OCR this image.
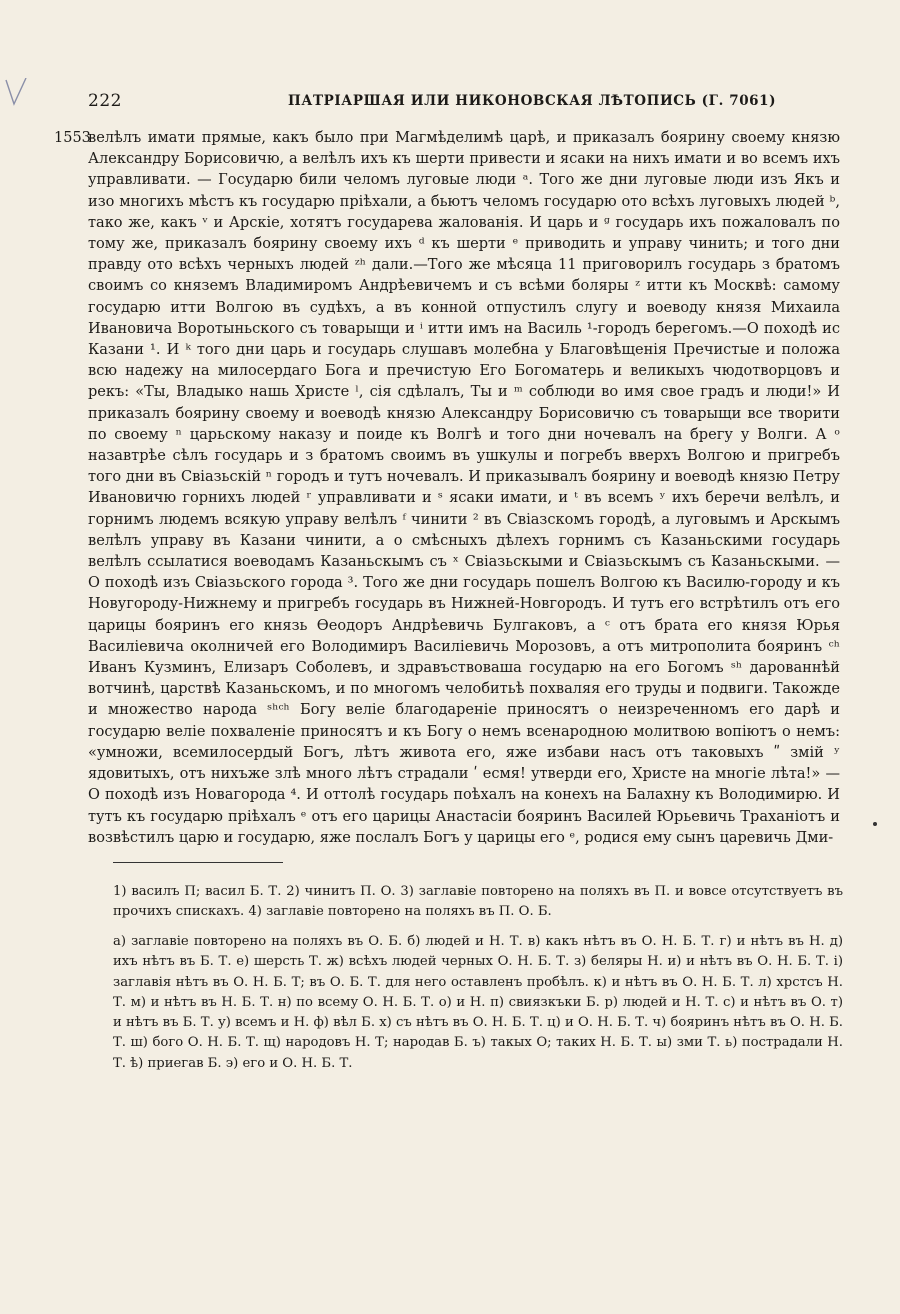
222	ПАТРІАРШАЯ ИЛИ НИКОНОВСКАЯ ЛѢТОПИСЬ (Г. 7061)
1553
велѣлъ имати прямые, какъ было при Магмѣделимѣ царѣ, и приказалъ боярину своему князю Александру Борисовичю, а велѣлъ ихъ къ шерти привести и ясаки на нихъ имати и во всемъ ихъ управливати. — Государю били челомъ луговые люди ᵃ. Того же дни луговые люди изъ Якъ и изо многихъ мѣстъ къ государю пріѣхали, а бьютъ челомъ государю ото всѣхъ луговыхъ людей ᵇ, тако же, какъ ᵛ и Арскіе, хотятъ государева жалованія. И царь и ᵍ государь ихъ пожаловалъ по тому же, приказалъ боярину своему ихъ ᵈ къ шерти ᵉ приводить и управу чинить; и того дни правду ото всѣхъ черныхъ людей ᶻʰ дали.—Того же мѣсяца 11 приговорилъ государь з братомъ своимъ со княземъ Владимиромъ Андрѣевичемъ и съ всѣми боляры ᶻ итти къ Москвѣ: самому государю итти Волгою въ судѣхъ, а въ конной отпустилъ слугу и воеводу князя Михаила Ивановича Воротыньского съ товарыщи и ⁱ итти имъ на Василь ¹-городъ берегомъ.—О походѣ ис Казани ¹. И ᵏ того дни царь и государь слушавъ молебна у Благовѣщенія Пречистые и положа всю надежу на милосердаго Бога и пречистую Его Богоматерь и великыхъ чюдотворцовъ и рекъ: «Ты, Владыко нашь Христе ˡ, сія сдѣлалъ, Ты и ᵐ соблюди во имя свое градъ и люди!» И приказалъ боярину своему и воеводѣ князю Александру Борисовичю съ товарыщи все творити по своему ⁿ царьскому наказу и поиде къ Волгѣ и того дни ночевалъ на брегу у Волги. А ᵒ назавтрѣе сѣлъ государь и з братомъ своимъ въ ушкулы и погребъ вверхъ Волгою и пригребъ того дни въ Свіазьскій ⁿ городъ и тутъ ночевалъ. И приказывалъ боярину и воеводѣ князю Петру Ивановичю горнихъ людей ʳ управливати и ˢ ясаки имати, и ᵗ въ всемъ ʸ ихъ беречи велѣлъ, и горнимъ людемъ всякую управу велѣлъ ᶠ чинити ² въ Свіазскомъ городѣ, а луговымъ и Арскымъ велѣлъ управу въ Казани чинити, а о смѣсныхъ дѣлехъ горнимъ съ Казаньскими государь велѣлъ ссылатися воеводамъ Казаньскымъ съ ˣ Свіазьскыми и Свіазьскымъ съ Казаньскыми. — О походѣ изъ Свіазьского города ³. Того же дни государь пошелъ Волгою къ Василю-городу и къ Новугороду-Нижнему и пригребъ государь въ Нижней-Новгородъ. И тутъ его встрѣтилъ отъ его царицы бояринъ его князь Ѳеодоръ Андрѣевичь Булгаковъ, а ᶜ отъ брата его князя Юрья Василіевича околничей его Володимиръ Василіевичь Морозовъ, а отъ митрополита бояринъ ᶜʰ Иванъ Кузминъ, Елизаръ Соболевъ, и здравъствоваша государю на его Богомъ ˢʰ дарованнѣй вотчинѣ, царствѣ Казаньскомъ, и по многомъ челобитьѣ похваляя его труды и подвиги. Такожде и множество народа ˢʰᶜʰ Богу веліе благодареніе приносятъ о неизреченномъ его дарѣ и государю веліе похваленіе приносятъ и къ Богу о немъ всенародною молитвою вопіютъ о немъ: «умножи, всемилосердый Богъ, лѣтъ живота его, яже избави насъ отъ таковыхъ ʺ змій ʸ ядовитыхъ, отъ нихъже злѣ много лѣтъ страдали ʹ есмя! утверди его, Христе на многіе лѣта!» — О походѣ изъ Новагорода ⁴. И оттолѣ государь поѣхалъ на конехъ на Балахну къ Володимирю. И тутъ къ государю пріѣхалъ ᵉ отъ его царицы Анастасіи бояринъ Василей Юрьевичь Траханіотъ и возвѣстилъ царю и государю, яже послалъ Богъ у царицы его ᵉ, родися ему сынъ царевичь Дми-
1) василъ П; васил Б. Т. 2) чинитъ П. О. 3) заглавіе повторено на поляхъ въ П. и вовсе отсутствуетъ въ прочихъ спискахъ. 4) заглавіе повторено на поляхъ въ П. О. Б.
а) заглавіе повторено на поляхъ въ О. Б. б) людей и Н. Т. в) какъ нѣтъ въ О. Н. Б. Т. г) и нѣтъ въ Н. д) ихъ нѣтъ въ Б. Т. е) шерсть Т. ж) всѣхъ людей черных О. Н. Б. Т. з) беляры Н. и) и нѣтъ въ О. Н. Б. Т. і) заглавія нѣтъ въ О. Н. Б. Т; въ О. Б. Т. для него оставленъ пробѣлъ. к) и нѣтъ въ О. Н. Б. Т. л) хрстсъ Н. Т. м) и нѣтъ въ Н. Б. Т. н) по всему О. Н. Б. Т. о) и Н. п) свиязкъки Б. р) людей и Н. Т. с) и нѣтъ въ О. т) и нѣтъ въ Б. Т. у) всемъ и Н. ф) вѣл Б. х) съ нѣтъ въ О. Н. Б. Т. ц) и О. Н. Б. Т. ч) бояринъ нѣтъ въ О. Н. Б. Т. ш) бого О. Н. Б. Т. щ) народовъ Н. Т; народав Б. ъ) такых О; таких Н. Б. Т. ы) зми Т. ь) пострадали Н. Т. ѣ) приегав Б. э) его и О. Н. Б. Т.
